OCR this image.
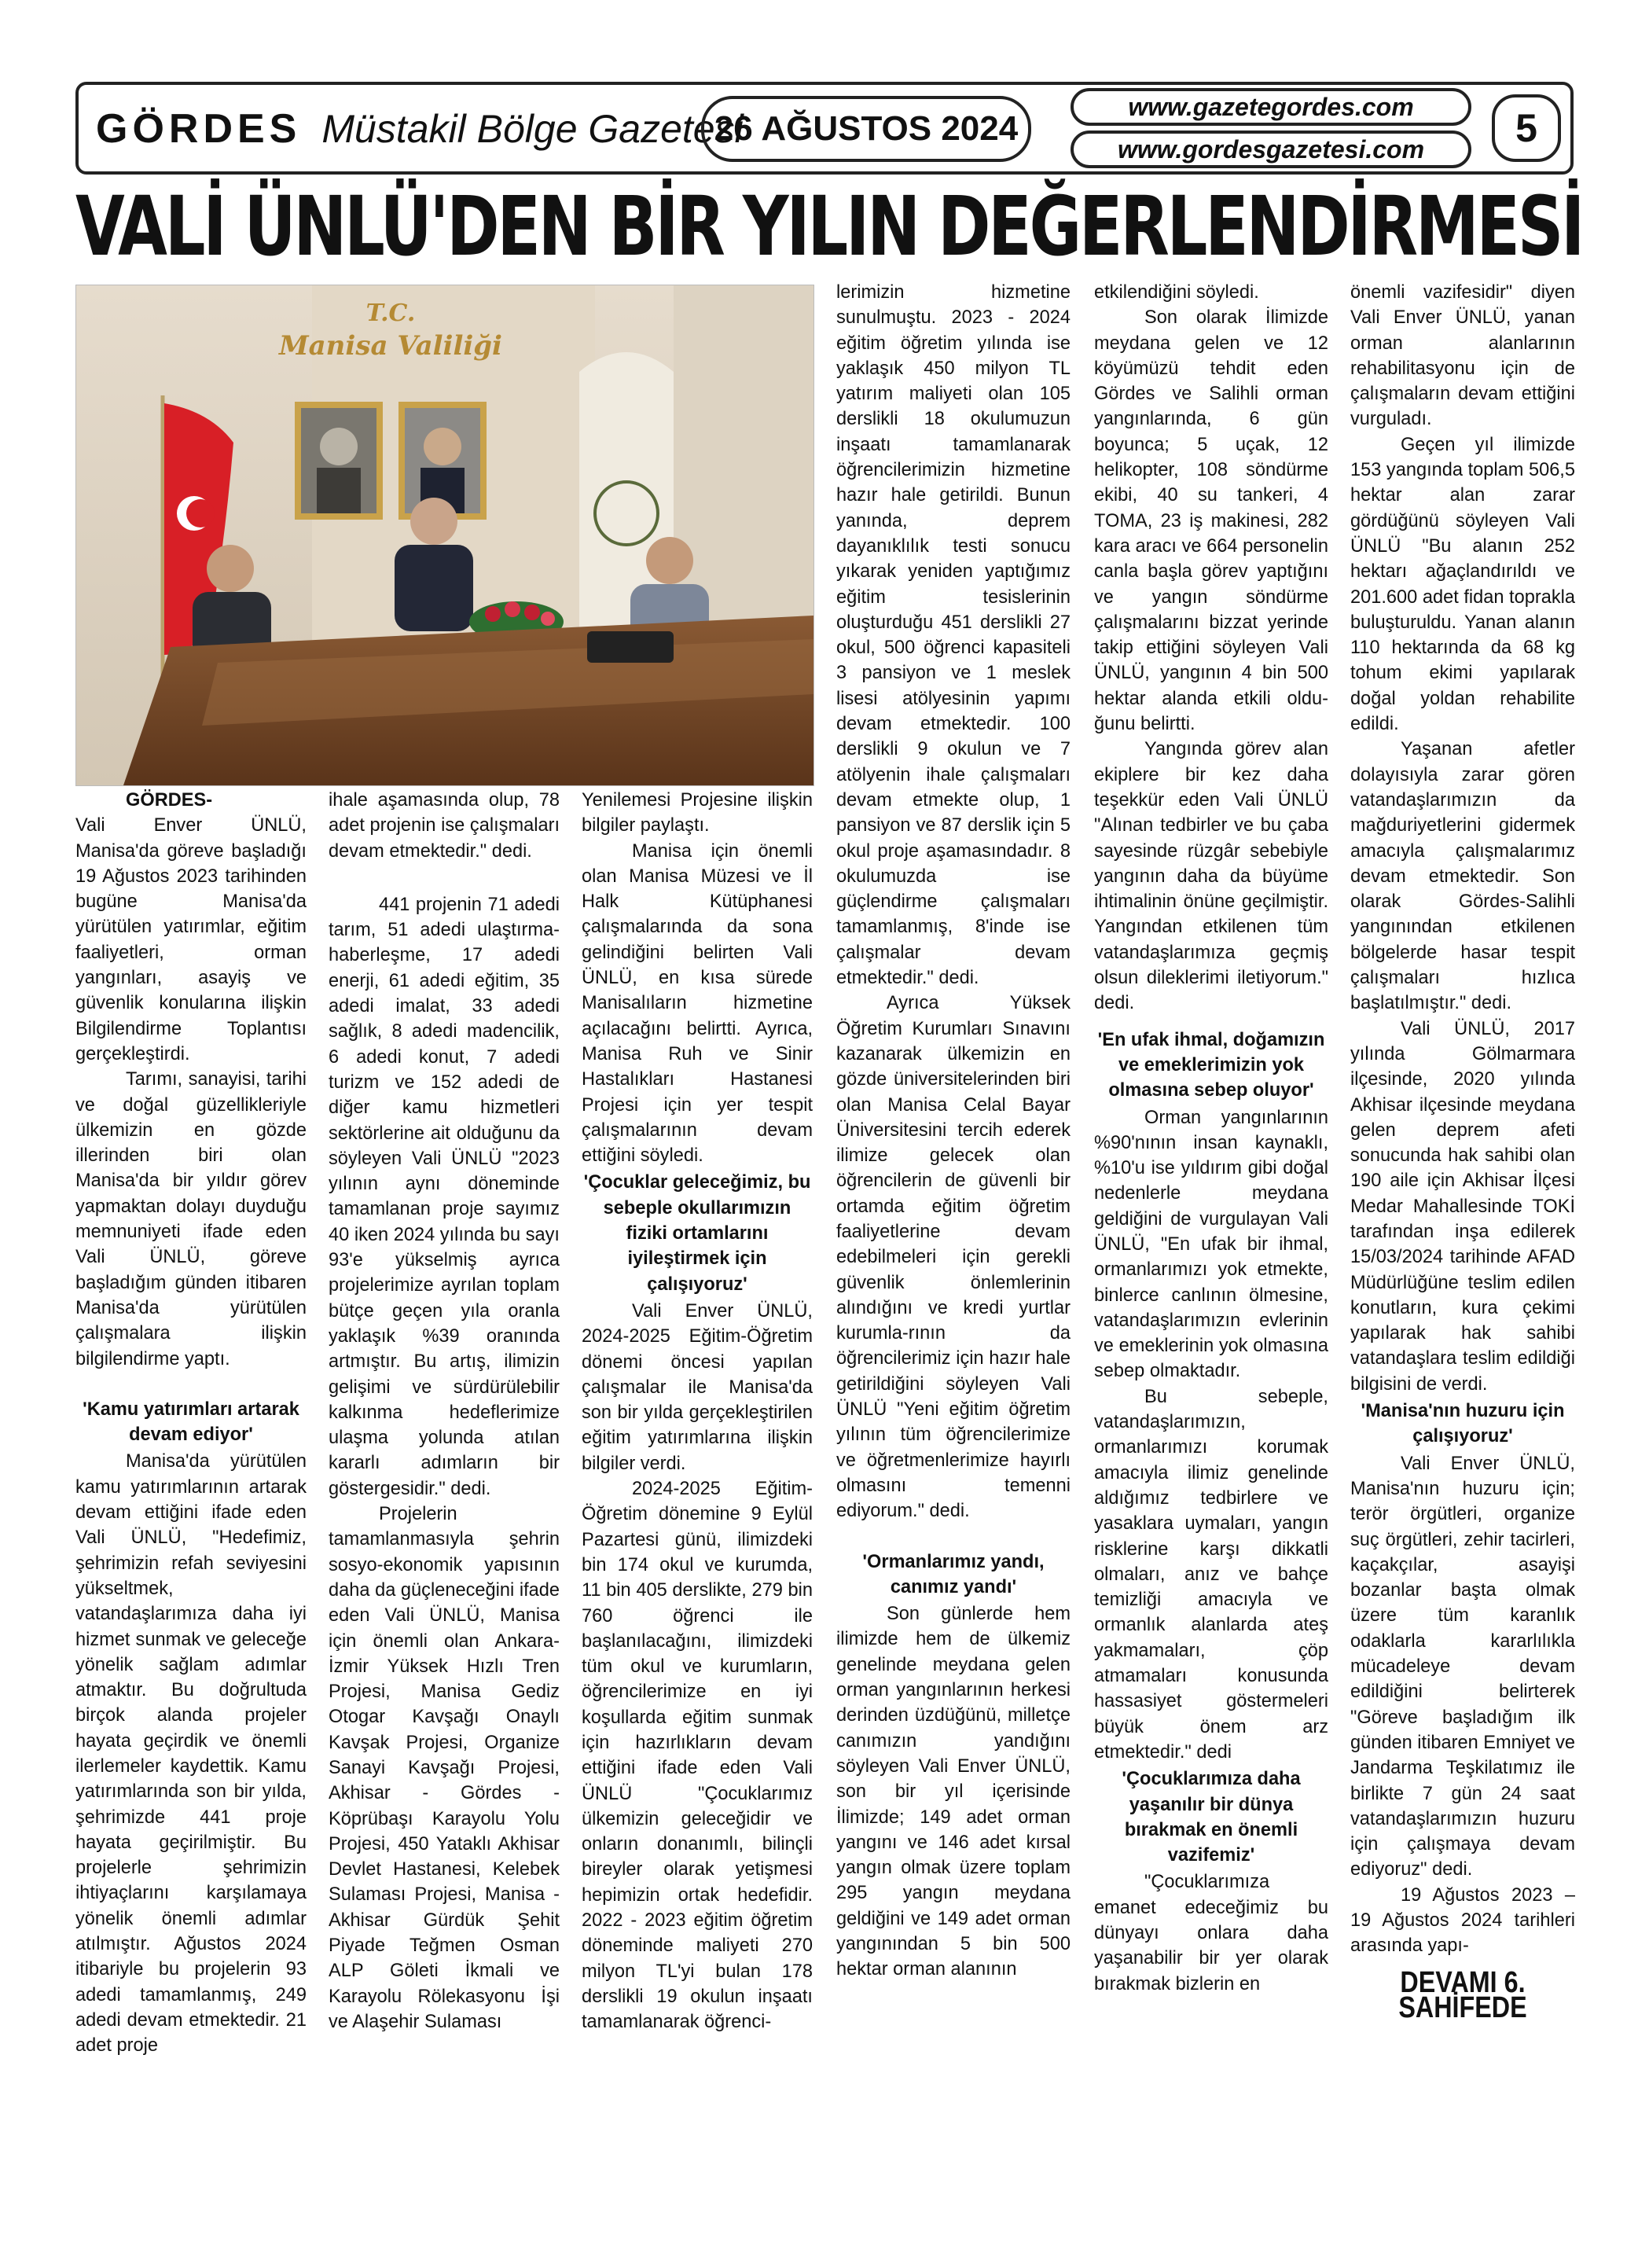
GÖRDES Müstakil Bölge Gazetesi
26 AĞUSTOS 2024
www.gazetegordes.com
www.gordesgazetesi.com	5
VALİ ÜNLÜ'DEN BİR YILIN DEĞERLENDİRMESİ
T.C.
Manisa Valiliği

GÖRDES-
Vali Enver ÜNLÜ, Manisa'da göreve başladığı 19 Ağustos 2023 tarihinden bugüne Manisa'da yürütülen yatırımlar, eğitim faaliyetleri, orman yangınları, asayiş ve güvenlik konularına ilişkin Bilgilendirme Toplantısı gerçekleştirdi.

Tarımı, sanayisi, tarihi ve doğal güzellikleriyle ülkemizin en gözde illerinden biri olan Manisa'da bir yıldır görev yapmaktan dolayı duyduğu memnuniyeti ifade eden Vali ÜNLÜ, göreve başladığım günden itibaren Manisa'da yürütülen çalışmalara ilişkin bilgilendirme yaptı.

'Kamu yatırımları artarak devam ediyor'

Manisa'da yürütülen kamu yatırımlarının artarak devam ettiğini ifade eden Vali ÜNLÜ, "Hedefimiz, şehrimizin refah seviyesini yükseltmek, vatandaşlarımıza daha iyi hizmet sunmak ve geleceğe yönelik sağlam adımlar atmaktır. Bu doğrultuda birçok alanda projeler hayata geçirdik ve önemli ilerlemeler kaydettik. Kamu yatırımlarında son bir yılda, şehrimizde 441 proje hayata geçirilmiştir. Bu projelerle şehrimizin ihtiyaçlarını karşılamaya yönelik önemli adımlar atılmıştır. Ağustos 2024 itibariyle bu projelerin 93 adedi tamamlanmış, 249 adedi devam etmektedir. 21 adet proje

ihale aşamasında olup, 78 adet projenin ise çalışmaları devam etmektedir." dedi.

441 projenin 71 adedi tarım, 51 adedi ulaştırma- haberleşme, 17 adedi enerji, 61 adedi eğitim, 35 adedi imalat, 33 adedi sağlık, 8 adedi madencilik, 6 adedi konut, 7 adedi turizm ve 152 adedi de diğer kamu hizmetleri sektörlerine ait olduğunu da söyleyen Vali ÜNLÜ "2023 yılının aynı döneminde tamamlanan proje sayımız 40 iken 2024 yılında bu sayı 93'e yükselmiş ayrıca projelerimize ayrılan toplam bütçe geçen yıla oranla yaklaşık %39 oranında artmıştır. Bu artış, ilimizin gelişimi ve sürdürülebilir kalkınma hedeflerimize ulaşma yolunda atılan kararlı adımların bir göstergesidir." dedi.

Projelerin tamamlanmasıyla şehrin sosyo-ekonomik yapısının daha da güçleneceğini ifade eden Vali ÜNLÜ, Manisa için önemli olan Ankara-İzmir Yüksek Hızlı Tren Projesi, Manisa Gediz Otogar Kavşağı Onaylı Kavşak Projesi, Organize Sanayi Kavşağı Projesi, Akhisar - Gördes - Köprübaşı Karayolu Yolu Projesi, 450 Yataklı Akhisar Devlet Hastanesi, Kelebek Sulaması Projesi, Manisa -Akhisar Gürdük Şehit Piyade Teğmen Osman ALP Göleti İkmali ve Karayolu Rölekasyonu İşi ve Alaşehir Sulaması

Yenilemesi Projesine ilişkin bilgiler paylaştı.

Manisa için önemli olan Manisa Müzesi ve İl Halk Kütüphanesi çalışmalarında da sona gelindiğini belirten Vali ÜNLÜ, en kısa sürede Manisalıların hizmetine açılacağını belirtti. Ayrıca, Manisa Ruh ve Sinir Hastalıkları Hastanesi Projesi için yer tespit çalışmalarının devam ettiğini söyledi.

'Çocuklar geleceğimiz, bu sebeple okullarımızın fiziki ortamlarını iyileştirmek için çalışıyoruz'

Vali Enver ÜNLÜ, 2024-2025 Eğitim-Öğretim dönemi öncesi yapılan çalışmalar ile Manisa'da son bir yılda gerçekleştirilen eğitim yatırımlarına ilişkin bilgiler verdi.

2024-2025 Eğitim-Öğretim dönemine 9 Eylül Pazartesi günü, ilimizdeki bin 174 okul ve kurumda, 11 bin 405 derslikte, 279 bin 760 öğrenci ile başlanılacağını, ilimizdeki tüm okul ve kurumların, öğrencilerimize en iyi koşullarda eğitim sunmak için hazırlıkların devam ettiğini ifade eden Vali ÜNLÜ "Çocuklarımız ülkemizin geleceğidir ve onların donanımlı, bilinçli bireyler olarak yetişmesi hepimizin ortak hedefidir. 2022 - 2023 eğitim öğretim döneminde maliyeti 270 milyon TL'yi bulan 178 derslikli 19 okulun inşaatı tamamlanarak öğrenci-

lerimizin hizmetine sunulmuştu. 2023 - 2024 eğitim öğretim yılında ise yaklaşık 450 milyon TL yatırım maliyeti olan 105 derslikli 18 okulumuzun inşaatı tamamlanarak öğrencilerimizin hizmetine hazır hale getirildi. Bunun yanında, deprem dayanıklılık testi sonucu yıkarak yeniden yaptığımız eğitim tesislerinin oluşturduğu 451 derslikli 27 okul, 500 öğrenci kapasiteli 3 pansiyon ve 1 meslek lisesi atölyesinin yapımı devam etmektedir. 100 derslikli 9 okulun ve 7 atölyenin ihale çalışmaları devam etmekte olup, 1 pansiyon ve 87 derslik için 5 okul proje aşamasındadır. 8 okulumuzda ise güçlendirme çalışmaları tamamlanmış, 8'inde ise çalışmalar devam etmektedir." dedi.

Ayrıca Yüksek Öğretim Kurumları Sınavını kazanarak ülkemizin en gözde üniversitelerinden biri olan Manisa Celal Bayar Üniversitesini tercih ederek ilimize gelecek olan öğrencilerin de güvenli bir ortamda eğitim öğretim faaliyetlerine devam edebilmeleri için gerekli güvenlik önlemlerinin alındığını ve kredi yurtlar kurumla-rının da öğrencilerimiz için hazır hale getirildiğini söyleyen Vali ÜNLÜ "Yeni eğitim öğretim yılının tüm öğrencilerimize ve öğretmenlerimize hayırlı olmasını temenni ediyorum." dedi.

'Ormanlarımız yandı, canımız yandı'

Son günlerde hem ilimizde hem de ülkemiz genelinde meydana gelen orman yangınlarının herkesi derinden üzdüğünü, milletçe canımızın yandığını söyleyen Vali Enver ÜNLÜ, son bir yıl içerisinde İlimizde; 149 adet orman yangını ve 146 adet kırsal yangın olmak üzere toplam 295 yangın meydana geldiğini ve 149 adet orman yangınından 5 bin 500 hektar orman alanının

etkilendiğini söyledi.

Son olarak İlimizde meydana gelen ve 12 köyümüzü tehdit eden Gördes ve Salihli orman yangınlarında, 6 gün boyunca; 5 uçak, 12 helikopter, 108 söndürme ekibi, 40 su tankeri, 4 TOMA, 23 iş makinesi, 282 kara aracı ve 664 personelin canla başla görev yaptığını ve yangın söndürme çalışmalarını bizzat yerinde takip ettiğini söyleyen Vali ÜNLÜ, yangının 4 bin 500 hektar alanda etkili oldu-ğunu belirtti.

Yangında görev alan ekiplere bir kez daha teşekkür eden Vali ÜNLÜ "Alınan tedbirler ve bu çaba sayesinde rüzgâr sebebiyle yangının daha da büyüme ihtimalinin önüne geçilmiştir. Yangından etkilenen tüm vatandaşlarımıza geçmiş olsun dileklerimi iletiyorum." dedi.

'En ufak ihmal, doğamızın ve emeklerimizin yok olmasına sebep oluyor'

Orman yangınlarının %90'nının insan kaynaklı, %10'u ise yıldırım gibi doğal nedenlerle meydana geldiğini de vurgulayan Vali ÜNLÜ, "En ufak bir ihmal, ormanlarımızı yok etmekte, binlerce canlının ölmesine, vatandaşlarımızın evlerinin ve emeklerinin yok olmasına sebep olmaktadır.

Bu sebeple, vatandaşlarımızın, ormanlarımızı korumak amacıyla ilimiz genelinde aldığımız tedbirlere ve yasaklara uymaları, yangın risklerine karşı dikkatli olmaları, anız ve bahçe temizliği amacıyla ve ormanlık alanlarda ateş yakmamaları, çöp atmamaları konusunda hassasiyet göstermeleri büyük önem arz etmektedir." dedi

'Çocuklarımıza daha yaşanılır bir dünya bırakmak en önemli vazifemiz'

"Çocuklarımıza emanet edeceğimiz bu dünyayı onlara daha yaşanabilir bir yer olarak bırakmak bizlerin en

önemli vazifesidir" diyen Vali Enver ÜNLÜ, yanan orman alanlarının rehabilitasyonu için de çalışmaların devam ettiğini vurguladı.

Geçen yıl ilimizde 153 yangında toplam 506,5 hektar alan zarar gördüğünü söyleyen Vali ÜNLÜ "Bu alanın 252 hektarı ağaçlandırıldı ve 201.600 adet fidan toprakla buluşturuldu. Yanan alanın 110 hektarında da 68 kg tohum ekimi yapılarak doğal yoldan rehabilite edildi.

Yaşanan afetler dolayısıyla zarar gören vatandaşlarımızın da mağduriyetlerini gidermek amacıyla çalışmalarımız devam etmektedir. Son olarak Gördes-Salihli yangınından etkilenen bölgelerde hasar tespit çalışmaları hızlıca başlatılmıştır." dedi.

Vali ÜNLÜ, 2017 yılında Gölmarmara ilçesinde, 2020 yılında Akhisar ilçesinde meydana gelen deprem afeti sonucunda hak sahibi olan 190 aile için Akhisar İlçesi Medar Mahallesinde TOKİ tarafından inşa edilerek 15/03/2024 tarihinde AFAD Müdürlüğüne teslim edilen konutların, kura çekimi yapılarak hak sahibi vatandaşlara teslim edildiği bilgisini de verdi.

'Manisa'nın huzuru için çalışıyoruz'

Vali Enver ÜNLÜ, Manisa'nın huzuru için; terör örgütleri, organize suç örgütleri, zehir tacirleri, kaçakçılar, asayişi bozanlar başta olmak üzere tüm karanlık odaklarla kararlılıkla mücadeleye devam edildiğini belirterek "Göreve başladığım ilk günden itibaren Emniyet ve Jandarma Teşkilatımız ile birlikte 7 gün 24 saat vatandaşlarımızın huzuru için çalışmaya devam ediyoruz" dedi.

19 Ağustos 2023 – 19 Ağustos 2024 tarihleri arasında yapı-

DEVAMI 6. SAHİFEDE
